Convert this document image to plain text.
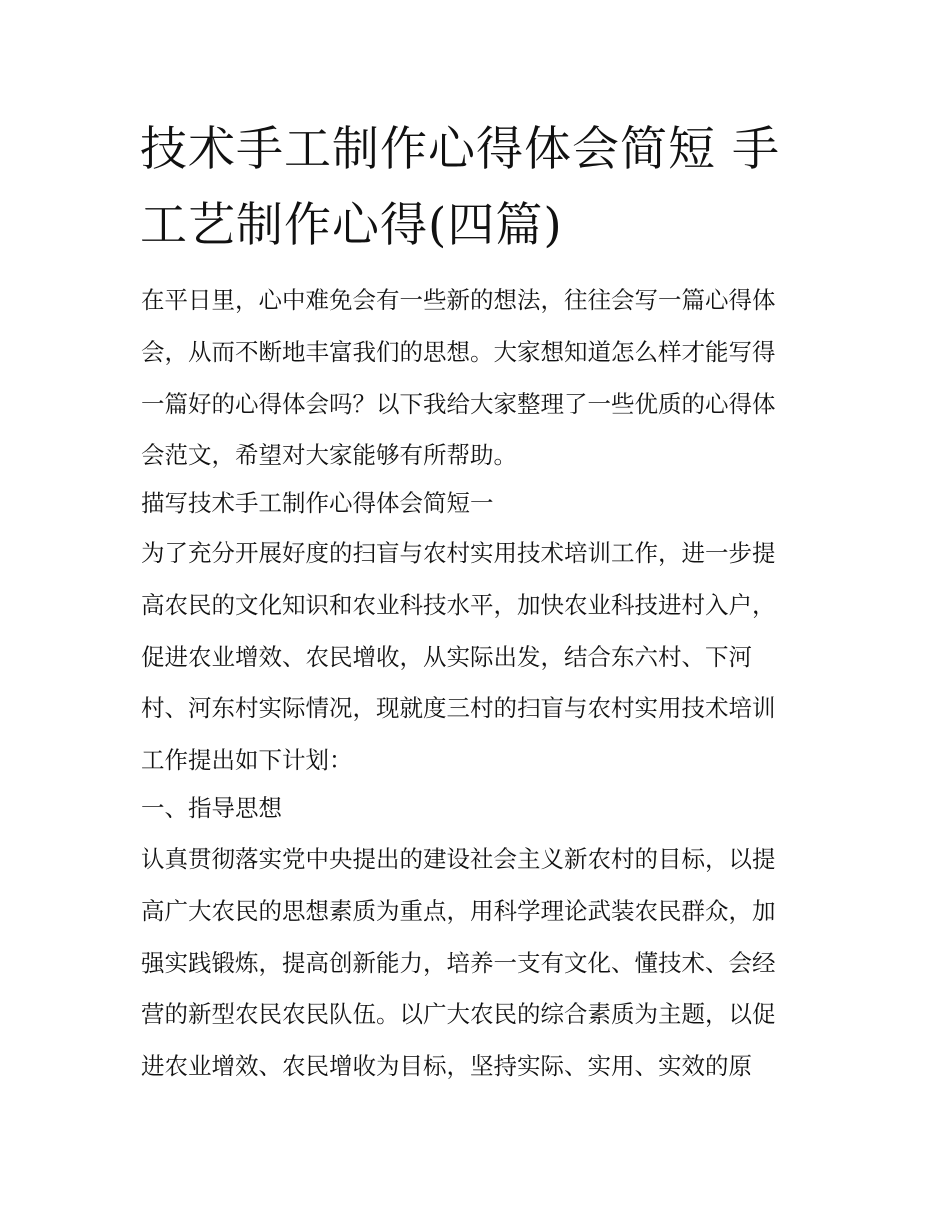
技术手工制作心得体会简短 手工艺制作心得(四篇)

在平日里，心中难免会有一些新的想法，往往会写一篇心得体

会，从而不断地丰富我们的思想。大家想知道怎么样才能写得

一篇好的心得体会吗？以下我给大家整理了一些优质的心得体

会范文，希望对大家能够有所帮助。

描写技术手工制作心得体会简短一

为了充分开展好度的扫盲与农村实用技术培训工作，进一步提

高农民的文化知识和农业科技水平，加快农业科技进村入户，

促进农业增效、农民增收，从实际出发，结合东六村、下河

村、河东村实际情况，现就度三村的扫盲与农村实用技术培训

工作提出如下计划：

一、指导思想

认真贯彻落实党中央提出的建设社会主义新农村的目标，以提

高广大农民的思想素质为重点，用科学理论武装农民群众，加

强实践锻炼，提高创新能力，培养一支有文化、懂技术、会经

营的新型农民农民队伍。以广大农民的综合素质为主题，以促

进农业增效、农民增收为目标，坚持实际、实用、实效的原
